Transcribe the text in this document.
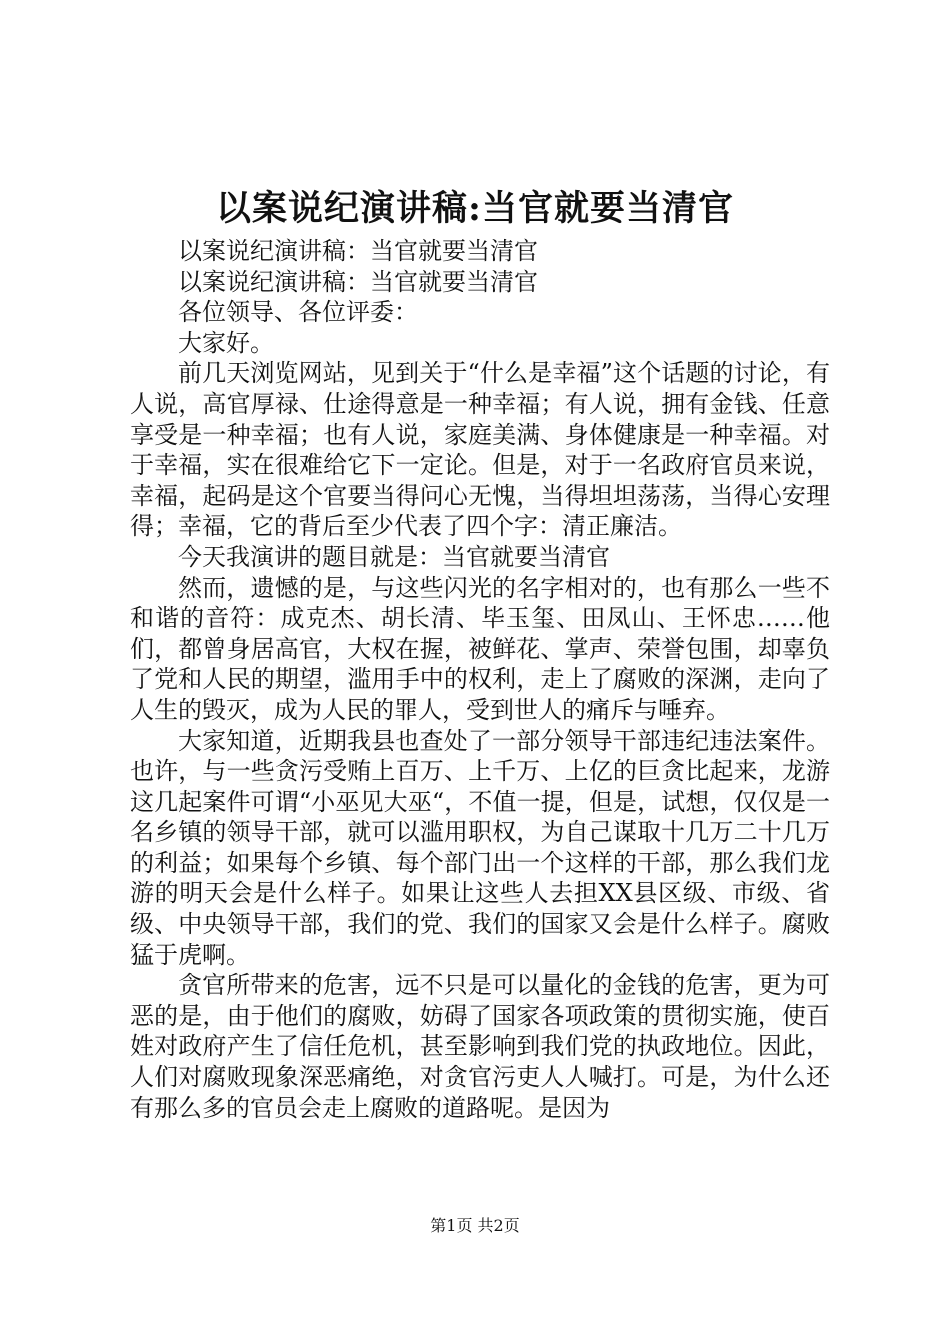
以案说纪演讲稿:当官就要当清官

以案说纪演讲稿：当官就要当清官

以案说纪演讲稿：当官就要当清官

各位领导、各位评委：

大家好。

前几天浏览网站，见到关于“什么是幸福”这个话题的讨论，有人说，高官厚禄、仕途得意是一种幸福；有人说，拥有金钱、任意享受是一种幸福；也有人说，家庭美满、身体健康是一种幸福。对于幸福，实在很难给它下一定论。但是，对于一名政府官员来说，幸福，起码是这个官要当得问心无愧，当得坦坦荡荡，当得心安理得；幸福，它的背后至少代表了四个字：清正廉洁。

今天我演讲的题目就是：当官就要当清官

然而，遗憾的是，与这些闪光的名字相对的，也有那么一些不和谐的音符：成克杰、胡长清、毕玉玺、田凤山、王怀忠……他们，都曾身居高官，大权在握，被鲜花、掌声、荣誉包围，却辜负了党和人民的期望，滥用手中的权利，走上了腐败的深渊，走向了人生的毁灭，成为人民的罪人，受到世人的痛斥与唾弃。

大家知道，近期我县也查处了一部分领导干部违纪违法案件。也许，与一些贪污受贿上百万、上千万、上亿的巨贪比起来，龙游这几起案件可谓“小巫见大巫“，不值一提，但是，试想，仅仅是一名乡镇的领导干部，就可以滥用职权，为自己谋取十几万二十几万的利益；如果每个乡镇、每个部门出一个这样的干部，那么我们龙游的明天会是什么样子。如果让这些人去担XX县区级、市级、省级、中央领导干部，我们的党、我们的国家又会是什么样子。腐败猛于虎啊。

贪官所带来的危害，远不只是可以量化的金钱的危害，更为可恶的是，由于他们的腐败，妨碍了国家各项政策的贯彻实施，使百姓对政府产生了信任危机，甚至影响到我们党的执政地位。因此，人们对腐败现象深恶痛绝，对贪官污吏人人喊打。可是，为什么还有那么多的官员会走上腐败的道路呢。是因为

第1页 共2页
